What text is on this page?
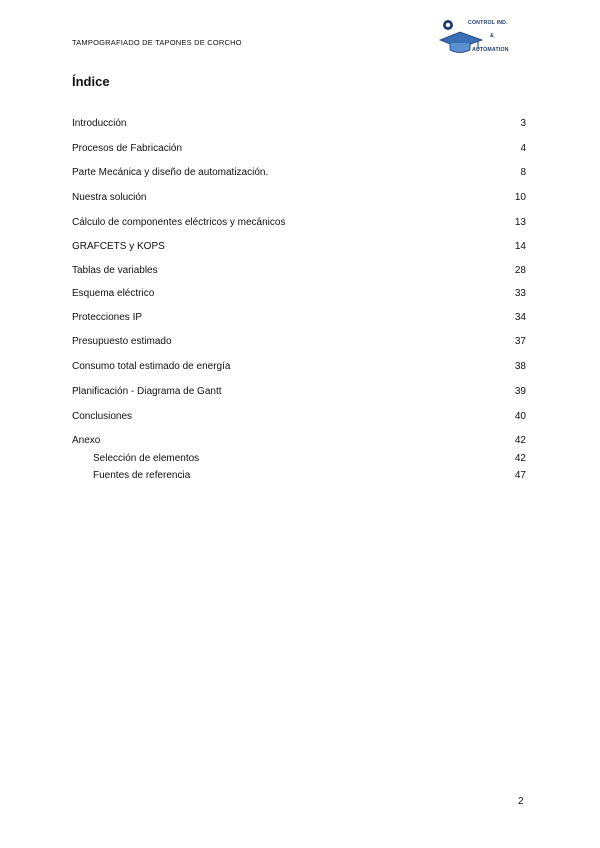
TAMPOGRAFIADO DE TAPONES DE CORCHO
CONTROL IND.
&
AUTOMATION
Índice
Introducción	3
Procesos de Fabricación	4
Parte Mecánica y diseño de automatización.	8
Nuestra solución	10
Cálculo de componentes eléctricos y mecánicos	13
GRAFCETS y KOPS	14
Tablas de variables	28
Esquema eléctrico	33
Protecciones IP	34
Presupuesto estimado	37
Consumo total estimado de energía	38
Planificación - Diagrama de Gantt	39
Conclusiones	40
Anexo	42
Selección de elementos	42
Fuentes de referencia	47
2
